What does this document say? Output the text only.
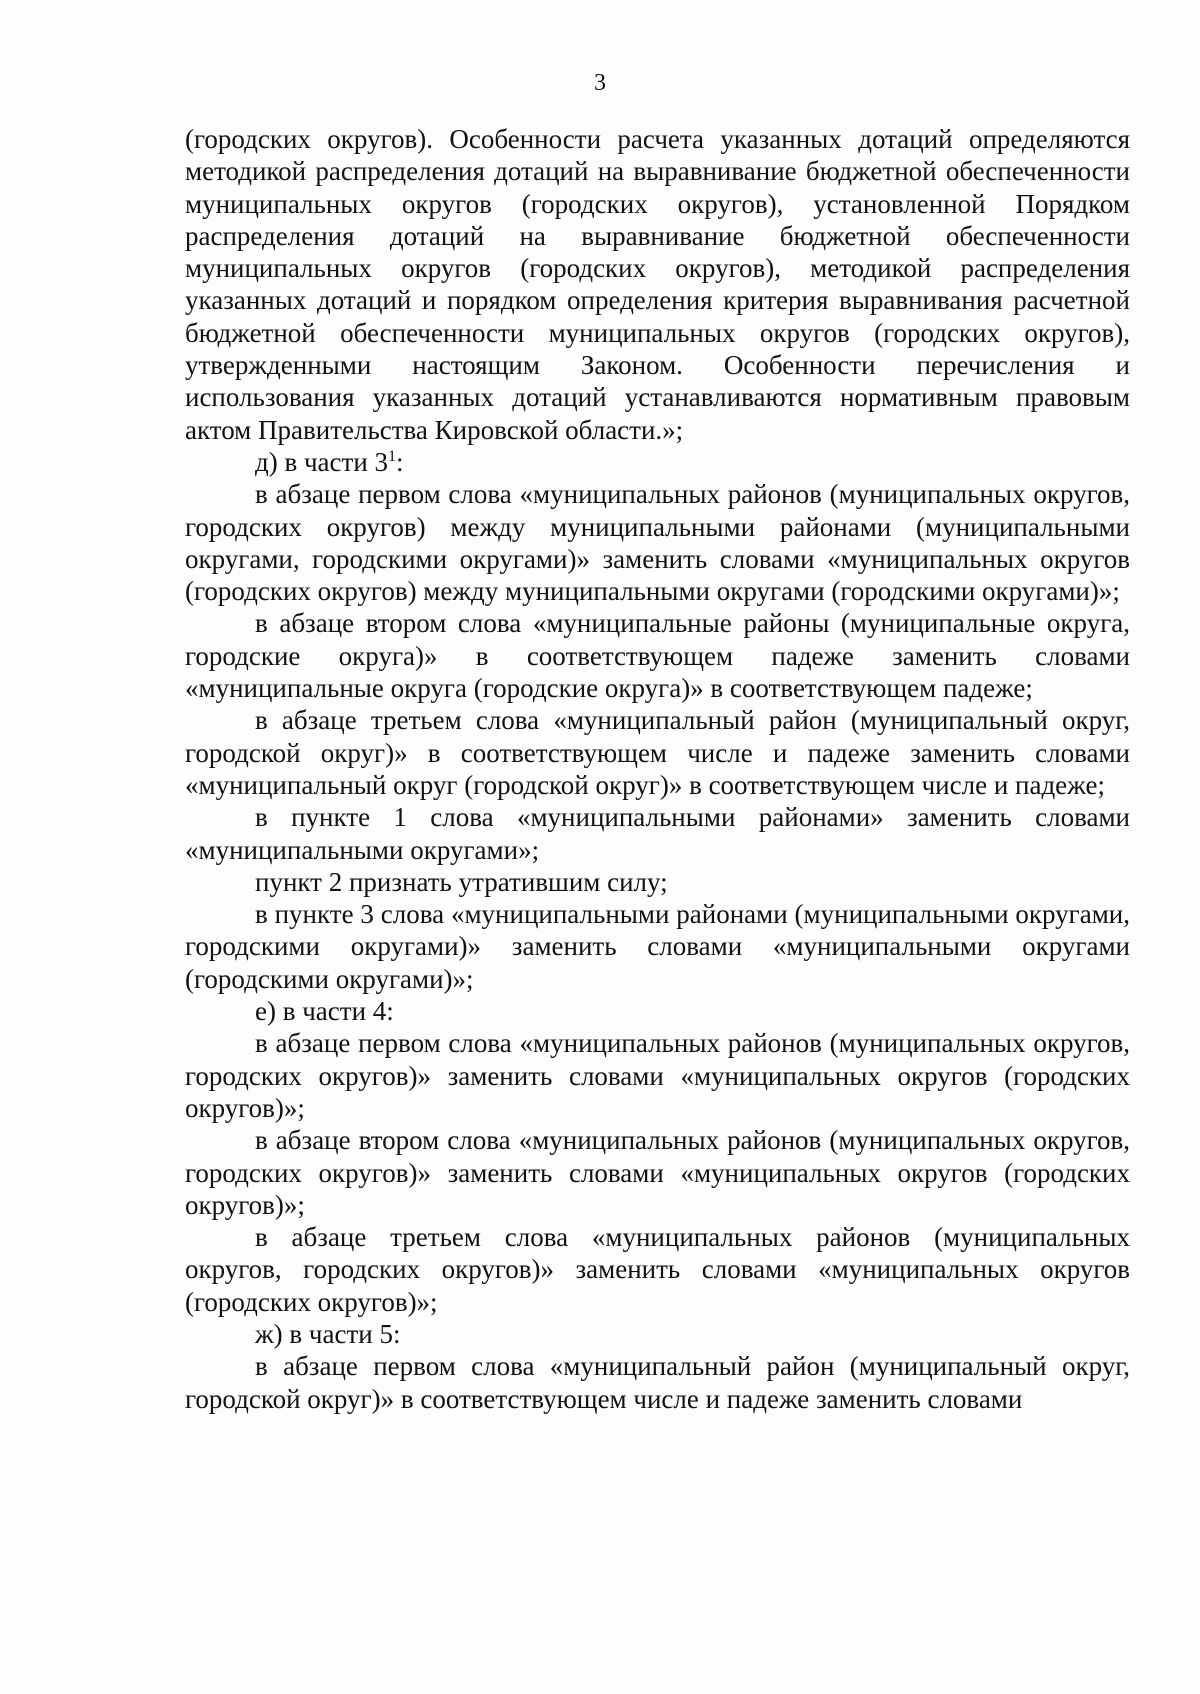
3

(городских округов). Особенности расчета указанных дотаций определяются методикой распределения дотаций на выравнивание бюджетной обеспеченности муниципальных округов (городских округов), установленной Порядком распределения дотаций на выравнивание бюджетной обеспеченности муниципальных округов (городских округов), методикой распределения указанных дотаций и порядком определения критерия выравнивания расчетной бюджетной обеспеченности муниципальных округов (городских округов), утвержденными настоящим Законом. Особенности перечисления и использования указанных дотаций устанавливаются нормативным правовым актом Правительства Кировской области.»;

д) в части $3^1$:

в абзаце первом слова «муниципальных районов (муниципальных округов, городских округов) между муниципальными районами (муниципальными округами, городскими округами)» заменить словами «муниципальных округов (городских округов) между муниципальными округами (городскими округами)»;

в абзаце втором слова «муниципальные районы (муниципальные округа, городские округа)» в соответствующем падеже заменить словами «муниципальные округа (городские округа)» в соответствующем падеже;

в абзаце третьем слова «муниципальный район (муниципальный округ, городской округ)» в соответствующем числе и падеже заменить словами «муниципальный округ (городской округ)» в соответствующем числе и падеже;

в пункте 1 слова «муниципальными районами» заменить словами «муниципальными округами»;

пункт 2 признать утратившим силу;

в пункте 3 слова «муниципальными районами (муниципальными округами, городскими округами)» заменить словами «муниципальными округами (городскими округами)»;

е) в части 4:

в абзаце первом слова «муниципальных районов (муниципальных округов, городских округов)» заменить словами «муниципальных округов (городских округов)»;

в абзаце втором слова «муниципальных районов (муниципальных округов, городских округов)» заменить словами «муниципальных округов (городских округов)»;

в абзаце третьем слова «муниципальных районов (муниципальных округов, городских округов)» заменить словами «муниципальных округов (городских округов)»;

ж) в части 5:

в абзаце первом слова «муниципальный район (муниципальный округ, городской округ)» в соответствующем числе и падеже заменить словами
